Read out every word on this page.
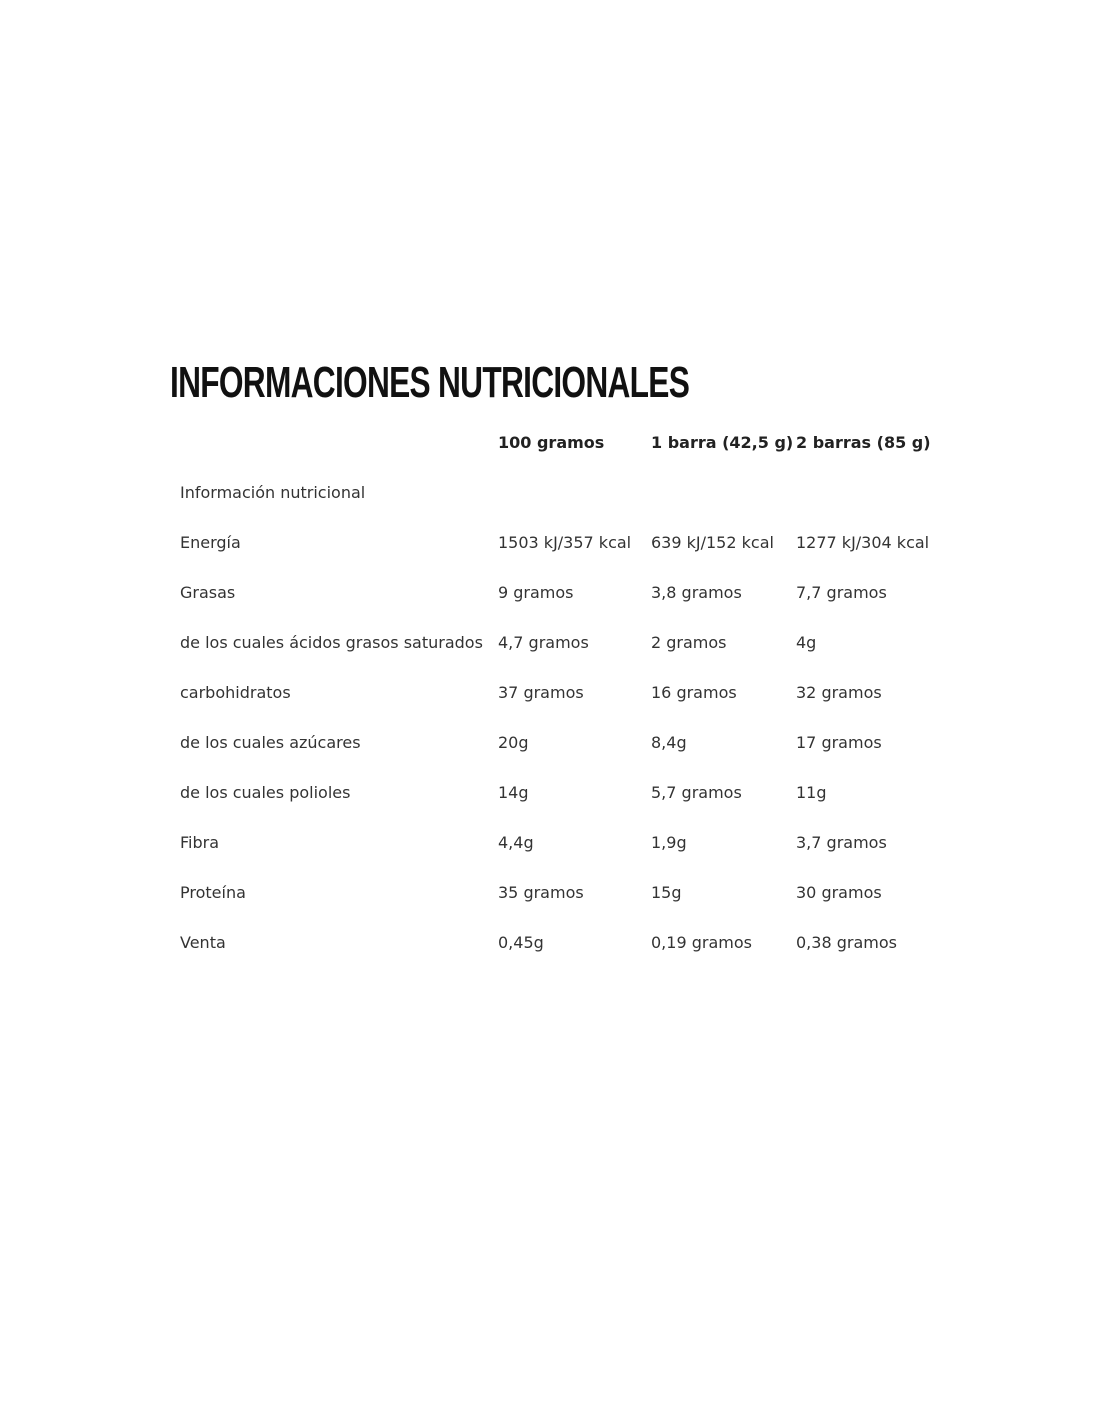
INFORMACIONES NUTRICIONALES
	100 gramos	1 barra (42,5 g)	2 barras (85 g)
Información nutricional			
Energía	1503 kJ/357 kcal	639 kJ/152 kcal	1277 kJ/304 kcal
Grasas	9 gramos	3,8 gramos	7,7 gramos
de los cuales ácidos grasos saturados	4,7 gramos	2 gramos	4g
carbohidratos	37 gramos	16 gramos	32 gramos
de los cuales azúcares	20g	8,4g	17 gramos
de los cuales polioles	14g	5,7 gramos	11g
Fibra	4,4g	1,9g	3,7 gramos
Proteína	35 gramos	15g	30 gramos
Venta	0,45g	0,19 gramos	0,38 gramos
